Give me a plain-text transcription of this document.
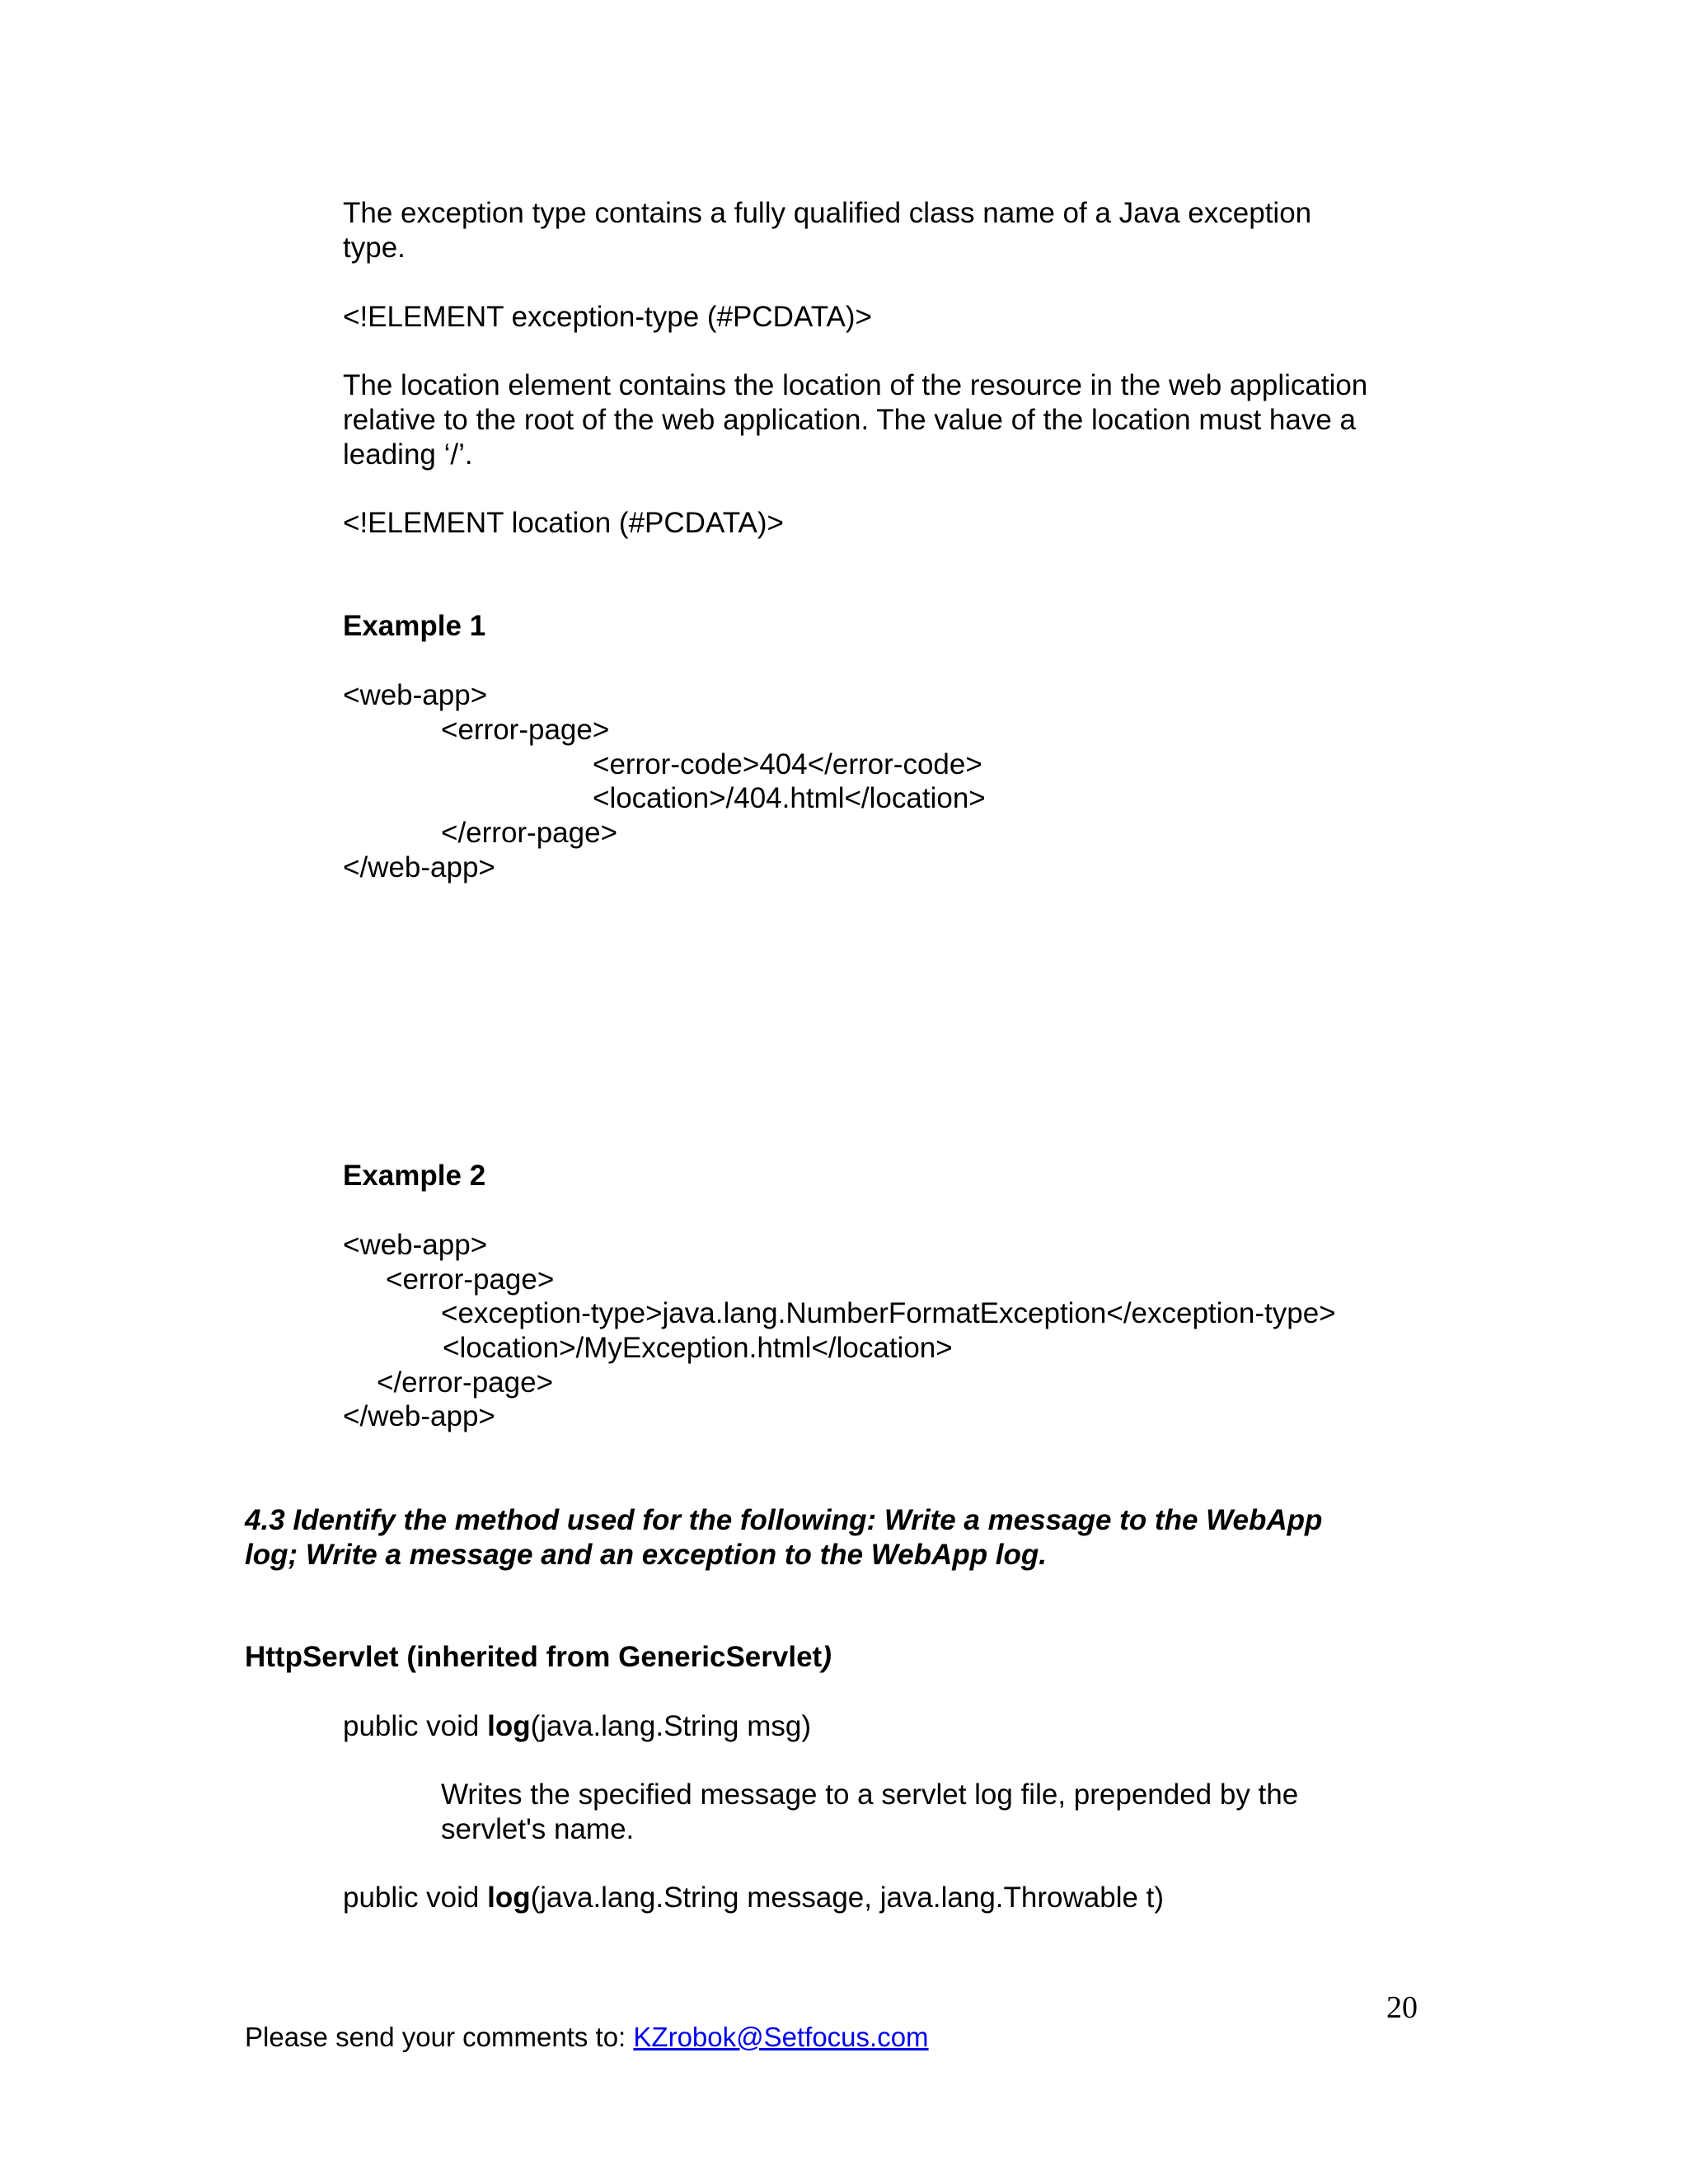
The exception type contains a fully qualified class name of a Java exception
type.
<!ELEMENT exception-type (#PCDATA)>
The location element contains the location of the resource in the web application
relative to the root of the web application. The value of the location must have a
leading ‘/’.
<!ELEMENT location (#PCDATA)>
Example 1
<web-app>
<error-page>
<error-code>404</error-code>
<location>/404.html</location>
</error-page>
</web-app>
Example 2
<web-app>
<error-page>
<exception-type>java.lang.NumberFormatException</exception-type>
<location>/MyException.html</location>
</error-page>
</web-app>
4.3 Identify the method used for the following: Write a message to the WebApp
log; Write a message and an exception to the WebApp log.
HttpServlet (inherited from GenericServlet)
public void log(java.lang.String msg)
Writes the specified message to a servlet log file, prepended by the
servlet's name.
public void log(java.lang.String message, java.lang.Throwable t)
20
Please send your comments to: KZrobok@Setfocus.com
